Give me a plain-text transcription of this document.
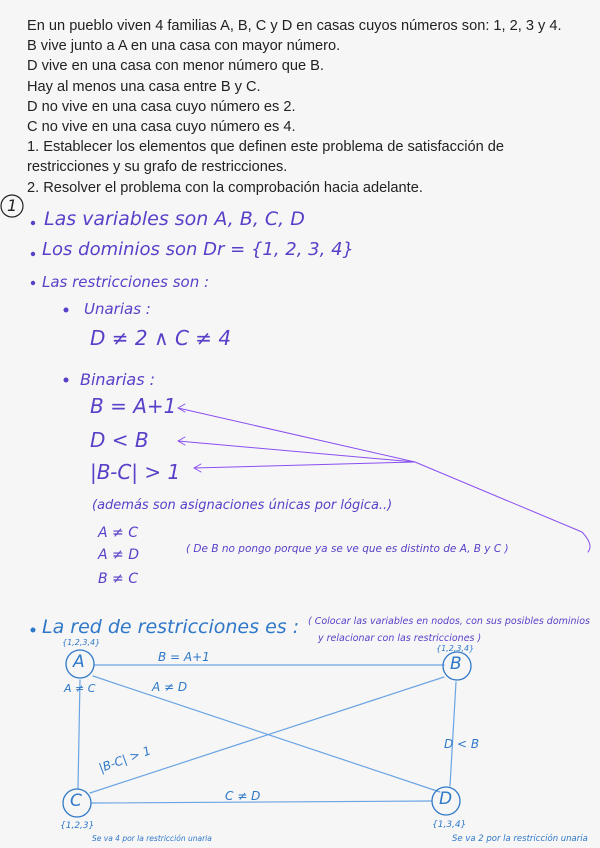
En un pueblo viven 4 familias A, B, C y D en casas cuyos números son: 1, 2, 3 y 4.

B vive junto a A en una casa con mayor número.

D vive en una casa con menor número que B.

Hay al menos una casa entre B y C.

D no vive en una casa cuyo número es 2.

C no vive en una casa cuyo número es 4.

1. Establecer los elementos que definen este problema de satisfacción de

restricciones y su grafo de restricciones.

2. Resolver el problema con la comprobación hacia adelante.

1
Las variables son A, B, C, D
Los dominios son Dr = {1, 2, 3, 4}
Las restricciones son :
Unarias :
D ≠ 2 ∧ C ≠ 4
Binarias :
B = A+1
D < B
|B-C| > 1
(además son asignaciones únicas por lógica..)
A ≠ C
A ≠ D
B ≠ C
( De B no pongo porque ya se ve que es distinto de A, B y C )
La red de restricciones es : ( Colocar las variables en nodos, con sus posibles dominios
y relacionar con las restricciones )
A	B
C	D
{1,2,3,4}
{1,2,3,4}
{1,2,3}	{1,3,4}
Se va 4 por la restricción unaria	Se va 2 por la restricción unaria
B = A+1
A ≠ D
A ≠ C
D < B
|B-C| > 1
C ≠ D
